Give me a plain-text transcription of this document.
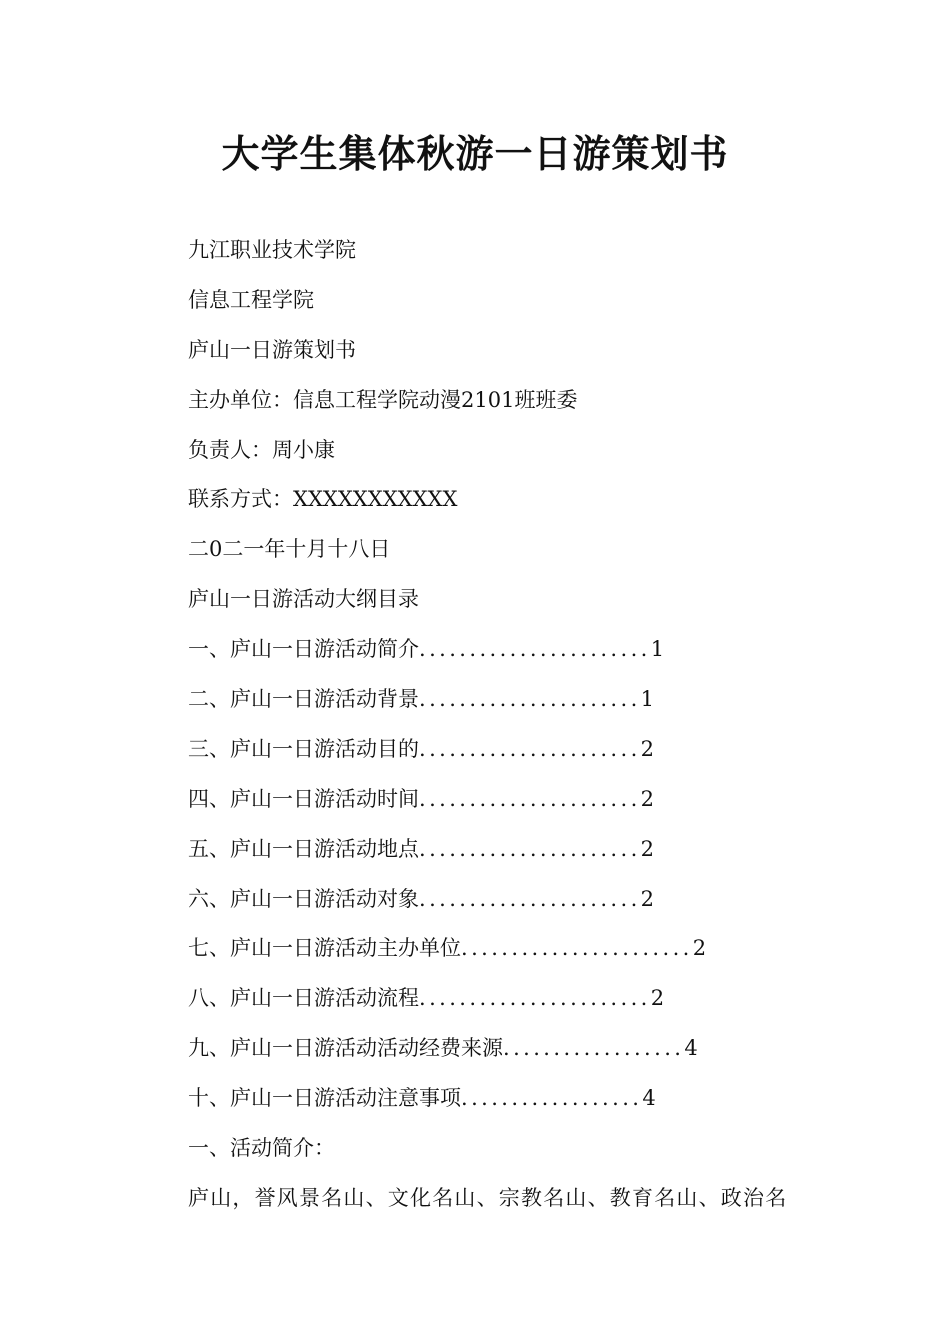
大学生集体秋游一日游策划书
九江职业技术学院
信息工程学院
庐山一日游策划书
主办单位：信息工程学院动漫2101班班委
负责人：周小康
联系方式：XXXXXXXXXXX
二0二一年十月十八日
庐山一日游活动大纲目录
一、庐山一日游活动简介 ....................... 1
二、庐山一日游活动背景 ...................... 1
三、庐山一日游活动目的 ...................... 2
四、庐山一日游活动时间 ...................... 2
五、庐山一日游活动地点 ...................... 2
六、庐山一日游活动对象 ...................... 2
七、庐山一日游活动主办单位 ....................... 2
八、庐山一日游活动流程 ....................... 2
九、庐山一日游活动活动经费来源 .................. 4
十、庐山一日游活动注意事项 .................. 4
一、活动简介：
庐山，誉风景名山、文化名山、宗教名山、教育名山、政治名
